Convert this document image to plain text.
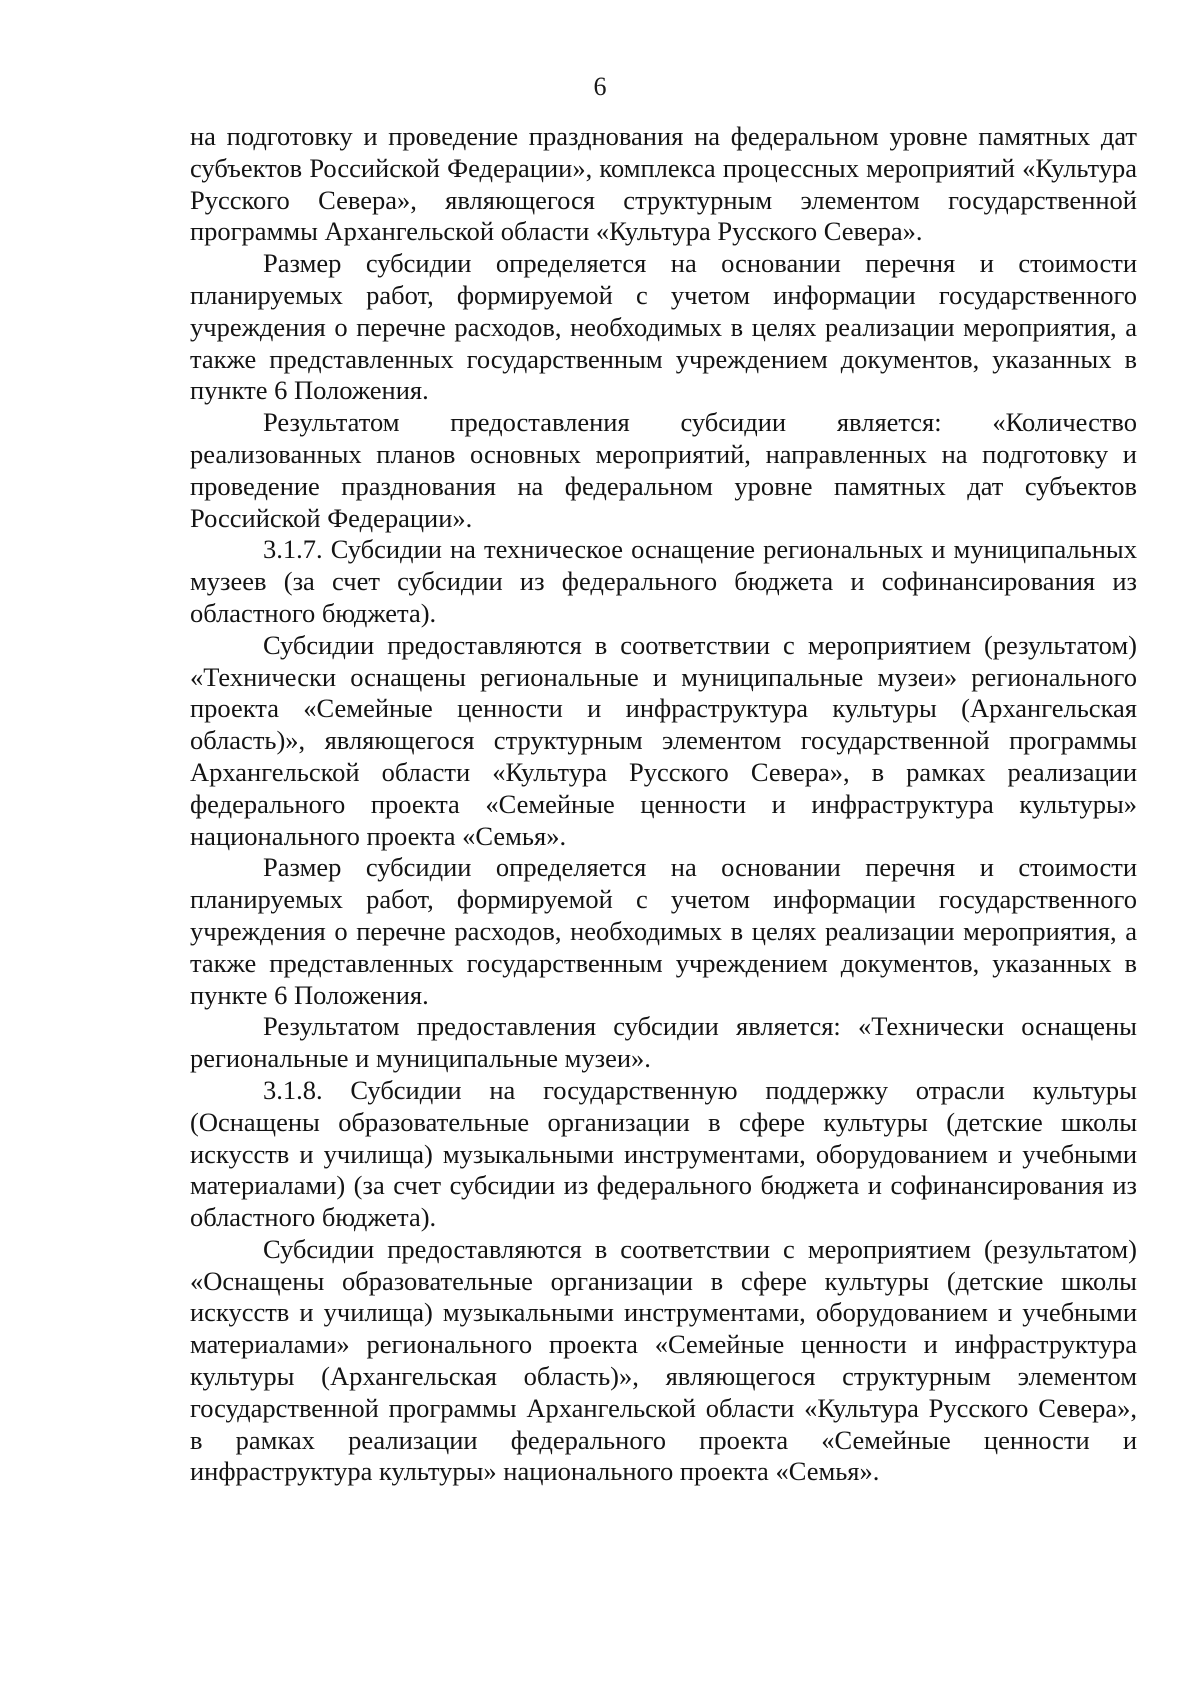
6

на подготовку и проведение празднования на федеральном уровне памятных дат субъектов Российской Федерации», комплекса процессных мероприятий «Культура Русского Севера», являющегося структурным элементом государственной программы Архангельской области «Культура Русского Севера».

Размер субсидии определяется на основании перечня и стоимости планируемых работ, формируемой с учетом информации государственного учреждения о перечне расходов, необходимых в целях реализации мероприятия, а также представленных государственным учреждением документов, указанных в пункте 6 Положения.

Результатом предоставления субсидии является: «Количество реализованных планов основных мероприятий, направленных на подготовку и проведение празднования на федеральном уровне памятных дат субъектов Российской Федерации».

3.1.7. Субсидии на техническое оснащение региональных и муниципальных музеев (за счет субсидии из федерального бюджета и софинансирования из областного бюджета).

Субсидии предоставляются в соответствии с мероприятием (результатом) «Технически оснащены региональные и муниципальные музеи» регионального проекта «Семейные ценности и инфраструктура культуры (Архангельская область)», являющегося структурным элементом государственной программы Архангельской области «Культура Русского Севера», в рамках реализации федерального проекта «Семейные ценности и инфраструктура культуры» национального проекта «Семья».

Размер субсидии определяется на основании перечня и стоимости планируемых работ, формируемой с учетом информации государственного учреждения о перечне расходов, необходимых в целях реализации мероприятия, а также представленных государственным учреждением документов, указанных в пункте 6 Положения.

Результатом предоставления субсидии является: «Технически оснащены региональные и муниципальные музеи».

3.1.8. Субсидии на государственную поддержку отрасли культуры (Оснащены образовательные организации в сфере культуры (детские школы искусств и училища) музыкальными инструментами, оборудованием и учебными материалами) (за счет субсидии из федерального бюджета и софинансирования из областного бюджета).

Субсидии предоставляются в соответствии с мероприятием (результатом) «Оснащены образовательные организации в сфере культуры (детские школы искусств и училища) музыкальными инструментами, оборудованием и учебными материалами» регионального проекта «Семейные ценности и инфраструктура культуры (Архангельская область)», являющегося структурным элементом государственной программы Архангельской области «Культура Русского Севера», в рамках реализации федерального проекта «Семейные ценности и инфраструктура культуры» национального проекта «Семья».
